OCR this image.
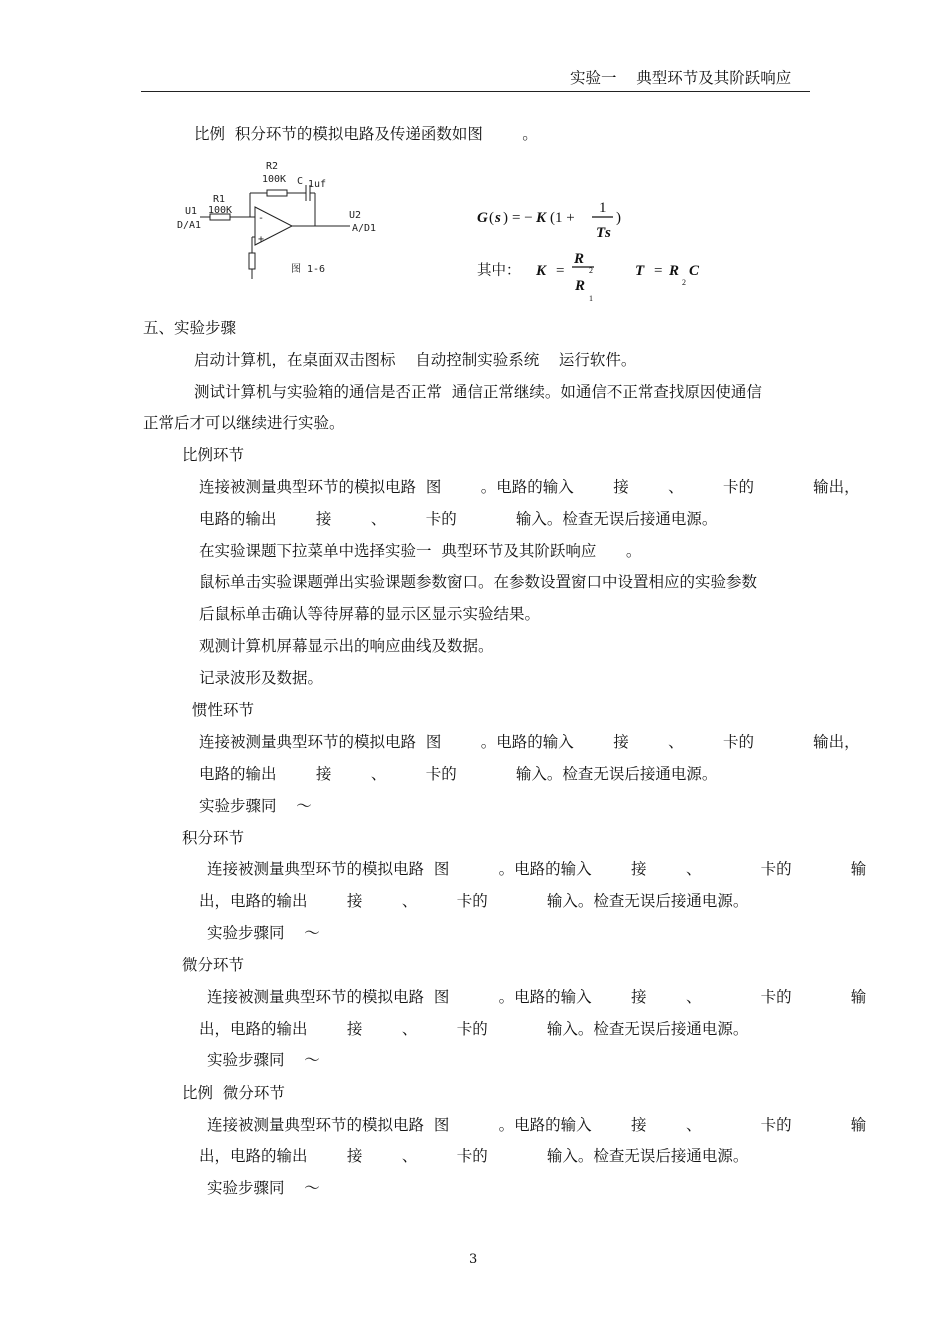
实验一    典型环节及其阶跃响应
比例  积分环节的模拟电路及传递函数如图        。
R2
100K C 1uf
R1
100K
U1
D/A1
U2
A/D1
-
+
图 1-6
G ( s ) = − K (1 +
1
T s
)
其中： K =
R
2
R
1
T = R
2
C
五、实验步骤
启动计算机，在桌面双击图标    自动控制实验系统    运行软件。
测试计算机与实验箱的通信是否正常  通信正常继续。如通信不正常查找原因使通信
正常后才可以继续进行实验。
比例环节
连接被测量典型环节的模拟电路  图        。电路的输入        接        、        卡的            输出，
电路的输出        接        、        卡的            输入。检查无误后接通电源。
在实验课题下拉菜单中选择实验一  典型环节及其阶跃响应      。
鼠标单击实验课题弹出实验课题参数窗口。在参数设置窗口中设置相应的实验参数
后鼠标单击确认等待屏幕的显示区显示实验结果。
观测计算机屏幕显示出的响应曲线及数据。
记录波形及数据。
惯性环节
连接被测量典型环节的模拟电路  图        。电路的输入        接        、        卡的            输出，
电路的输出        接        、        卡的            输入。检查无误后接通电源。
实验步骤同    ～
积分环节
连接被测量典型环节的模拟电路  图          。电路的输入        接        、            卡的            输
出，电路的输出        接        、        卡的            输入。检查无误后接通电源。
实验步骤同    ～
微分环节
连接被测量典型环节的模拟电路  图          。电路的输入        接        、            卡的            输
出，电路的输出        接        、        卡的            输入。检查无误后接通电源。
实验步骤同    ～
比例  微分环节
连接被测量典型环节的模拟电路  图          。电路的输入        接        、            卡的            输
出，电路的输出        接        、        卡的            输入。检查无误后接通电源。
实验步骤同    ～
3
